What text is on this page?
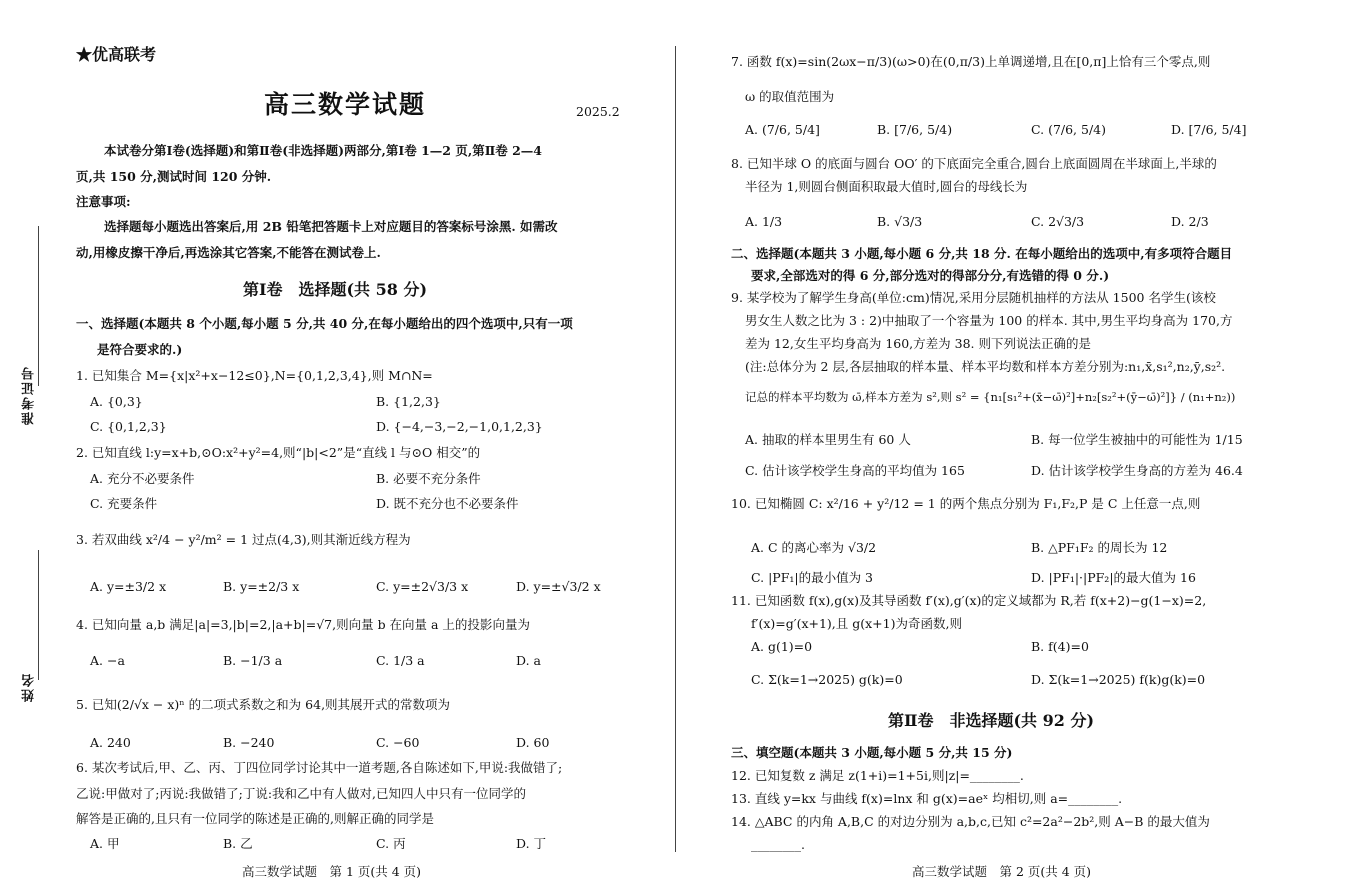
准考证号
姓名
★优高联考
高三数学试题	2025.2
本试卷分第Ⅰ卷(选择题)和第Ⅱ卷(非选择题)两部分,第Ⅰ卷 1—2 页,第Ⅱ卷 2—4
页,共 150 分,测试时间 120 分钟.
注意事项:
选择题每小题选出答案后,用 2B 铅笔把答题卡上对应题目的答案标号涂黑. 如需改
动,用橡皮擦干净后,再选涂其它答案,不能答在测试卷上.
第Ⅰ卷　选择题(共 58 分)
一、选择题(本题共 8 个小题,每小题 5 分,共 40 分,在每小题给出的四个选项中,只有一项
是符合要求的.)
1. 已知集合 M={x|x²+x−12≤0},N={0,1,2,3,4},则 M∩N=
A. {0,3}	B. {1,2,3}
C. {0,1,2,3}	D. {−4,−3,−2,−1,0,1,2,3}
2. 已知直线 l:y=x+b,⊙O:x²+y²=4,则“|b|<2”是“直线 l 与⊙O 相交”的
A. 充分不必要条件	B. 必要不充分条件
C. 充要条件	D. 既不充分也不必要条件
3. 若双曲线 x²/4 − y²/m² = 1 过点(4,3),则其渐近线方程为
A. y=±3/2 x	B. y=±2/3 x	C. y=±2√3/3 x	D. y=±√3/2 x
4. 已知向量 a,b 满足|a|=3,|b|=2,|a+b|=√7,则向量 b 在向量 a 上的投影向量为
A. −a	B. −1/3 a	C. 1/3 a	D. a
5. 已知(2/√x − x)ⁿ 的二项式系数之和为 64,则其展开式的常数项为
A. 240	B. −240	C. −60	D. 60
6. 某次考试后,甲、乙、丙、丁四位同学讨论其中一道考题,各自陈述如下,甲说:我做错了;
乙说:甲做对了;丙说:我做错了;丁说:我和乙中有人做对,已知四人中只有一位同学的
解答是正确的,且只有一位同学的陈述是正确的,则解正确的同学是
A. 甲	B. 乙	C. 丙	D. 丁
高三数学试题　第 1 页(共 4 页)
7. 函数 f(x)=sin(2ωx−π/3)(ω>0)在(0,π/3)上单调递增,且在[0,π]上恰有三个零点,则
ω 的取值范围为
A. (7/6, 5/4]	B. [7/6, 5/4)	C. (7/6, 5/4)	D. [7/6, 5/4]
8. 已知半球 O 的底面与圆台 OO′ 的下底面完全重合,圆台上底面圆周在半球面上,半球的
半径为 1,则圆台侧面积取最大值时,圆台的母线长为
A. 1/3	B. √3/3	C. 2√3/3	D. 2/3
二、选择题(本题共 3 小题,每小题 6 分,共 18 分. 在每小题给出的选项中,有多项符合题目
要求,全部选对的得 6 分,部分选对的得部分分,有选错的得 0 分.)
9. 某学校为了解学生身高(单位:cm)情况,采用分层随机抽样的方法从 1500 名学生(该校
男女生人数之比为 3 : 2)中抽取了一个容量为 100 的样本. 其中,男生平均身高为 170,方
差为 12,女生平均身高为 160,方差为 38. 则下列说法正确的是
(注:总体分为 2 层,各层抽取的样本量、样本平均数和样本方差分别为:n₁,x̄,s₁²,n₂,ȳ,s₂².
记总的样本平均数为 ω̄,样本方差为 s²,则 s² = {n₁[s₁²+(x̄−ω̄)²]+n₂[s₂²+(ȳ−ω̄)²]} / (n₁+n₂))
A. 抽取的样本里男生有 60 人	B. 每一位学生被抽中的可能性为 1/15
C. 估计该学校学生身高的平均值为 165	D. 估计该学校学生身高的方差为 46.4
10. 已知椭圆 C: x²/16 + y²/12 = 1 的两个焦点分别为 F₁,F₂,P 是 C 上任意一点,则
A. C 的离心率为 √3/2	B. △PF₁F₂ 的周长为 12
C. |PF₁|的最小值为 3	D. |PF₁|·|PF₂|的最大值为 16
11. 已知函数 f(x),g(x)及其导函数 f′(x),g′(x)的定义域都为 R,若 f(x+2)−g(1−x)=2,
f′(x)=g′(x+1),且 g(x+1)为奇函数,则
A. g(1)=0	B. f(4)=0
C. Σ(k=1→2025) g(k)=0	D. Σ(k=1→2025) f(k)g(k)=0
第Ⅱ卷　非选择题(共 92 分)
三、填空题(本题共 3 小题,每小题 5 分,共 15 分)
12. 已知复数 z 满足 z(1+i)=1+5i,则|z|=________.
13. 直线 y=kx 与曲线 f(x)=lnx 和 g(x)=aeˣ 均相切,则 a=________.
14. △ABC 的内角 A,B,C 的对边分别为 a,b,c,已知 c²=2a²−2b²,则 A−B 的最大值为
________.
高三数学试题　第 2 页(共 4 页)
